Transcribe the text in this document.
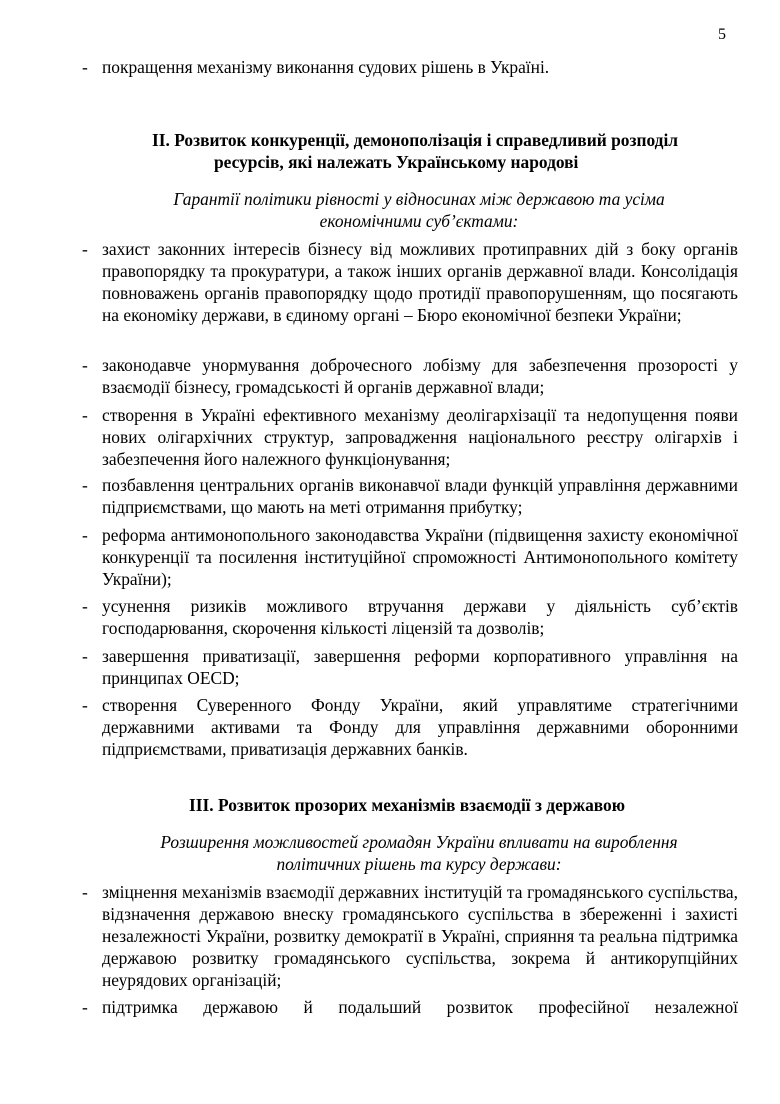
5
- покращення механізму виконання судових рішень в Україні.
ІІ. Розвиток конкуренції, демонополізація і справедливий розподіл
ресурсів, які належать Українському народові
Гарантії політики рівності у відносинах між державою та усіма
економічними суб’єктами:
- захист законних інтересів бізнесу від можливих протиправних дій з боку органів правопорядку та прокуратури, а також інших органів державної влади. Консолідація повноважень органів правопорядку щодо протидії правопорушенням, що посягають на економіку держави, в єдиному органі – Бюро економічної безпеки України;
- законодавче унормування доброчесного лобізму для забезпечення прозорості у взаємодії бізнесу, громадськості й органів державної влади;
- створення в Україні ефективного механізму деолігархізації та недопущення появи нових олігархічних структур, запровадження національного реєстру олігархів і забезпечення його належного функціонування;
- позбавлення центральних органів виконавчої влади функцій управління державними підприємствами, що мають на меті отримання прибутку;
- реформа антимонопольного законодавства України (підвищення захисту економічної конкуренції та посилення інституційної спроможності Антимонопольного комітету України);
- усунення ризиків можливого втручання держави у діяльність суб’єктів господарювання, скорочення кількості ліцензій та дозволів;
- завершення приватизації, завершення реформи корпоративного управління на принципах OECD;
- створення Суверенного Фонду України, який управлятиме стратегічними державними активами та Фонду для управління державними оборонними підприємствами, приватизація державних банків.
ІІІ. Розвиток прозорих механізмів взаємодії з державою
Розширення можливостей громадян України впливати на вироблення
політичних рішень та курсу держави:
- зміцнення механізмів взаємодії державних інституцій та громадянського суспільства, відзначення державою внеску громадянського суспільства в збереженні і захисті незалежності України, розвитку демократії в Україні, сприяння та реальна підтримка державою розвитку громадянського суспільства, зокрема й антикорупційних неурядових організацій;
- підтримка державою й подальший розвиток професійної незалежної
